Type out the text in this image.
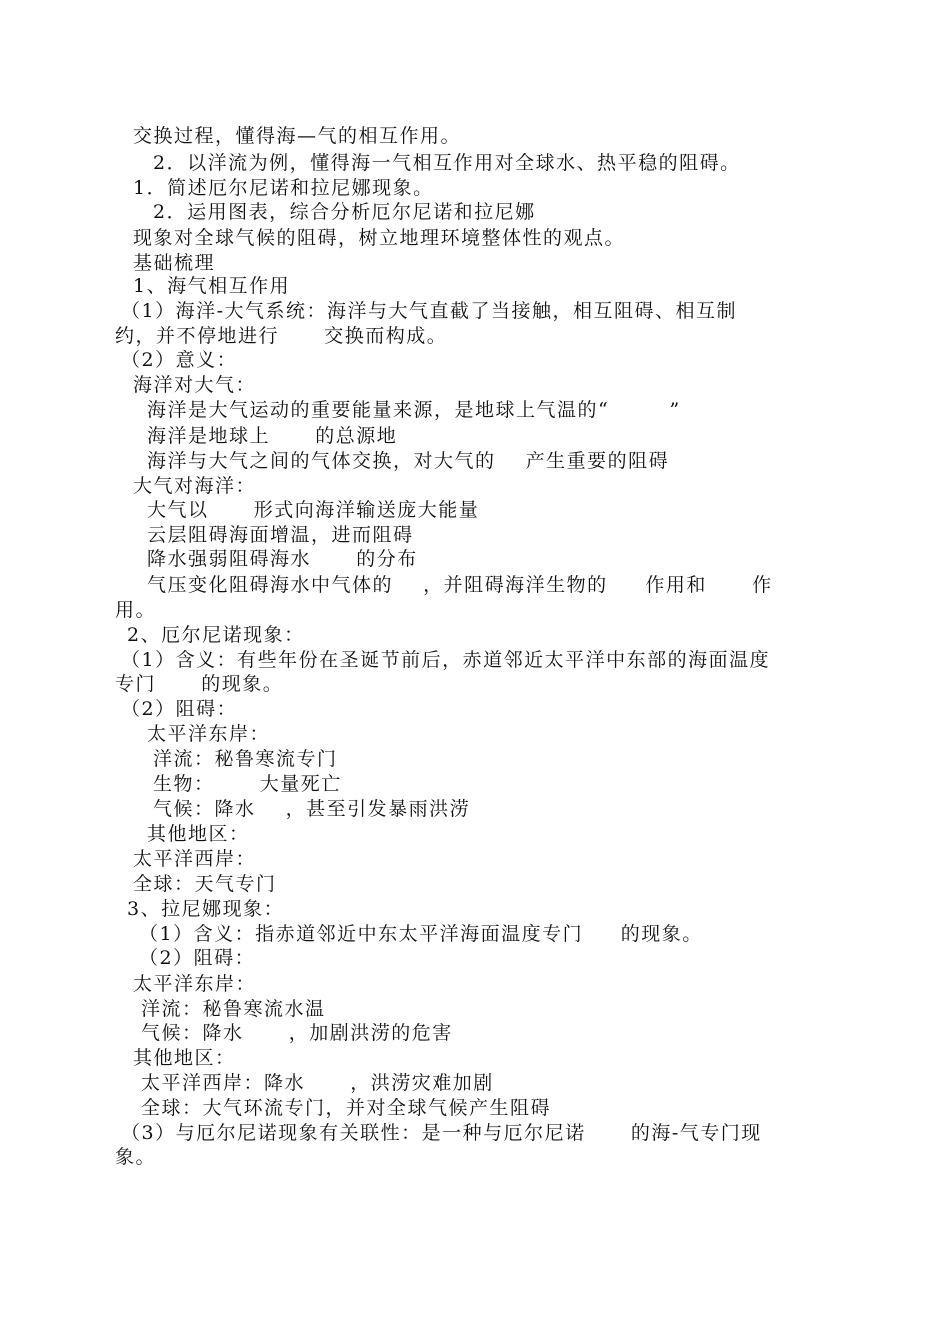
交换过程，懂得海—气的相互作用。
2．以洋流为例，懂得海一气相互作用对全球水、热平稳的阻碍。
1．简述厄尔尼诺和拉尼娜现象。
2．运用图表，综合分析厄尔尼诺和拉尼娜
现象对全球气候的阻碍，树立地理环境整体性的观点。
基础梳理
1、海气相互作用
（1）海洋-大气系统：海洋与大气直截了当接触，相互阻碍、相互制
约，并不停地进行      交换而构成。
（2）意义：
海洋对大气：
海洋是大气运动的重要能量来源，是地球上气温的“        ”
海洋是地球上      的总源地
海洋与大气之间的气体交换，对大气的    产生重要的阻碍
大气对海洋：
大气以      形式向海洋输送庞大能量
云层阻碍海面增温，进而阻碍
降水强弱阻碍海水      的分布
气压变化阻碍海水中气体的    ，并阻碍海洋生物的     作用和      作
用。
2、厄尔尼诺现象：
（1）含义：有些年份在圣诞节前后，赤道邻近太平洋中东部的海面温度
专门      的现象。
（2）阻碍：
太平洋东岸：
洋流：秘鲁寒流专门
生物：      大量死亡
气候：降水    ，甚至引发暴雨洪涝
其他地区：
太平洋西岸：
全球：天气专门
3、拉尼娜现象：
（1）含义：指赤道邻近中东太平洋海面温度专门     的现象。
（2）阻碍：
太平洋东岸：
洋流：秘鲁寒流水温
气候：降水      ，加剧洪涝的危害
其他地区：
太平洋西岸：降水      ，洪涝灾难加剧
全球：大气环流专门，并对全球气候产生阻碍
（3）与厄尔尼诺现象有关联性：是一种与厄尔尼诺      的海-气专门现
象。
